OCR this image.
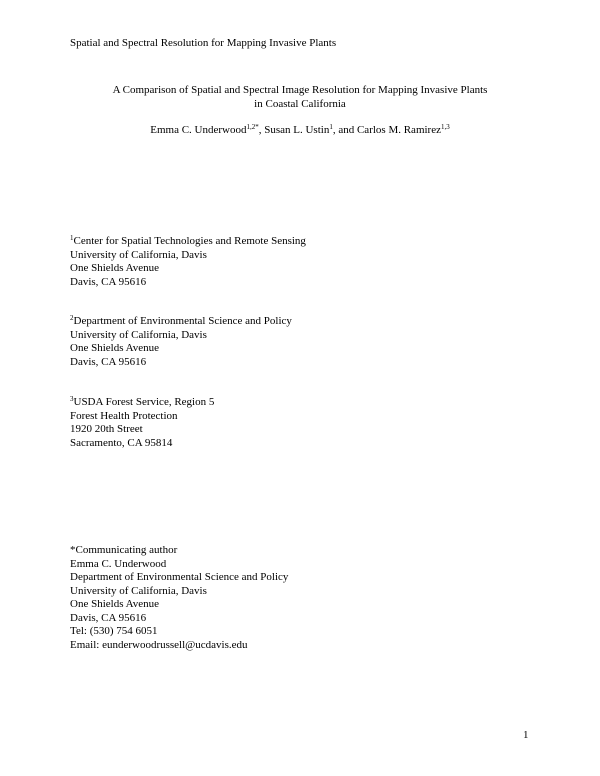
Spatial and Spectral Resolution for Mapping Invasive Plants
A Comparison of Spatial and Spectral Image Resolution for Mapping Invasive Plants
in Coastal California
Emma C. Underwood$^{1,2*}$, Susan L. Ustin$^1$, and Carlos M. Ramirez$^{1,3}$
$^1$Center for Spatial Technologies and Remote Sensing
University of California, Davis
One Shields Avenue
Davis, CA 95616
$^2$Department of Environmental Science and Policy
University of California, Davis
One Shields Avenue
Davis, CA 95616
$^3$USDA Forest Service, Region 5
Forest Health Protection
1920 20th Street
Sacramento, CA 95814
*Communicating author
Emma C. Underwood
Department of Environmental Science and Policy
University of California, Davis
One Shields Avenue
Davis, CA 95616
Tel: (530) 754 6051
Email: eunderwoodrussell@ucdavis.edu
1
